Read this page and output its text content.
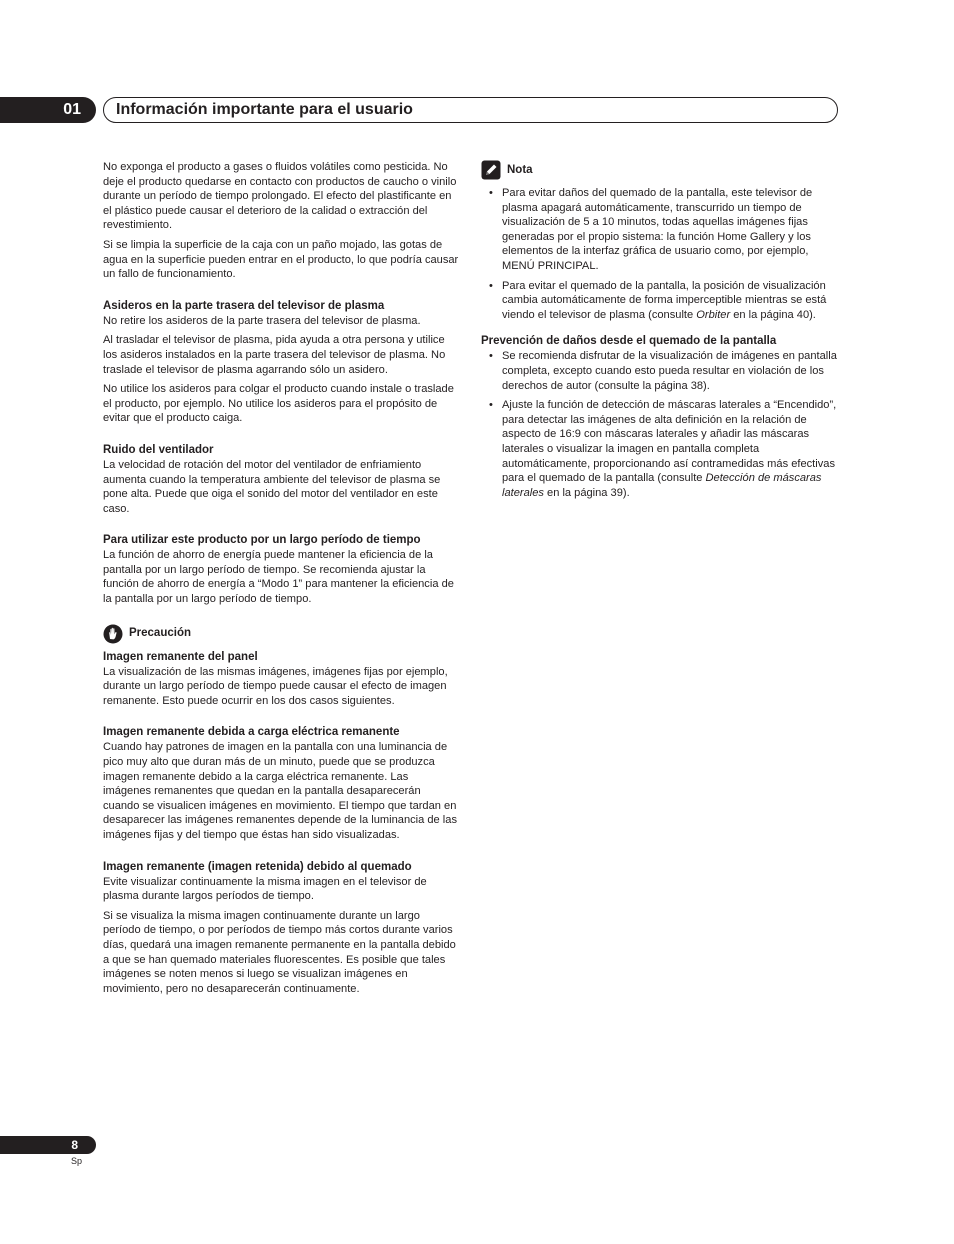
01	Información importante para el usuario

No exponga el producto a gases o fluidos volátiles como pesticida. No deje el producto quedarse en contacto con productos de caucho o vinilo durante un período de tiempo prolongado. El efecto del plastificante en el plástico puede causar el deterioro de la calidad o extracción del revestimiento.

Si se limpia la superficie de la caja con un paño mojado, las gotas de agua en la superficie pueden entrar en el producto, lo que podría causar un fallo de funcionamiento.

Asideros en la parte trasera del televisor de plasma

No retire los asideros de la parte trasera del televisor de plasma.

Al trasladar el televisor de plasma, pida ayuda a otra persona y utilice los asideros instalados en la parte trasera del televisor de plasma. No traslade el televisor de plasma agarrando sólo un asidero.

No utilice los asideros para colgar el producto cuando instale o traslade el producto, por ejemplo. No utilice los asideros para el propósito de evitar que el producto caiga.

Ruido del ventilador

La velocidad de rotación del motor del ventilador de enfriamiento aumenta cuando la temperatura ambiente del televisor de plasma se pone alta. Puede que oiga el sonido del motor del ventilador en este caso.

Para utilizar este producto por un largo período de tiempo

La función de ahorro de energía puede mantener la eficiencia de la pantalla por un largo período de tiempo. Se recomienda ajustar la función de ahorro de energía a “Modo 1” para mantener la eficiencia de la pantalla por un largo período de tiempo.

Precaución
Imagen remanente del panel

La visualización de las mismas imágenes, imágenes fijas por ejemplo, durante un largo período de tiempo puede causar el efecto de imagen remanente. Esto puede ocurrir en los dos casos siguientes.

Imagen remanente debida a carga eléctrica remanente

Cuando hay patrones de imagen en la pantalla con una luminancia de pico muy alto que duran más de un minuto, puede que se produzca imagen remanente debido a la carga eléctrica remanente. Las imágenes remanentes que quedan en la pantalla desaparecerán cuando se visualicen imágenes en movimiento. El tiempo que tardan en desaparecer las imágenes remanentes depende de la luminancia de las imágenes fijas y del tiempo que éstas han sido visualizadas.

Imagen remanente (imagen retenida) debido al quemado

Evite visualizar continuamente la misma imagen en el televisor de plasma durante largos períodos de tiempo.

Si se visualiza la misma imagen continuamente durante un largo período de tiempo, o por períodos de tiempo más cortos durante varios días, quedará una imagen remanente permanente en la pantalla debido a que se han quemado materiales fluorescentes. Es posible que tales imágenes se noten menos si luego se visualizan imágenes en movimiento, pero no desaparecerán continuamente.

Nota
• Para evitar daños del quemado de la pantalla, este televisor de plasma apagará automáticamente, transcurrido un tiempo de visualización de 5 a 10 minutos, todas aquellas imágenes fijas generadas por el propio sistema: la función Home Gallery y los elementos de la interfaz gráfica de usuario como, por ejemplo, MENÚ PRINCIPAL.
• Para evitar el quemado de la pantalla, la posición de visualización cambia automáticamente de forma imperceptible mientras se está viendo el televisor de plasma (consulte Orbiter en la página 40).
Prevención de daños desde el quemado de la pantalla
• Se recomienda disfrutar de la visualización de imágenes en pantalla completa, excepto cuando esto pueda resultar en violación de los derechos de autor (consulte la página 38).
• Ajuste la función de detección de máscaras laterales a “Encendido”, para detectar las imágenes de alta definición en la relación de aspecto de 16:9 con máscaras laterales y añadir las máscaras laterales o visualizar la imagen en pantalla completa automáticamente, proporcionando así contramedidas más efectivas para el quemado de la pantalla (consulte Detección de máscaras laterales en la página 39).
8
Sp
